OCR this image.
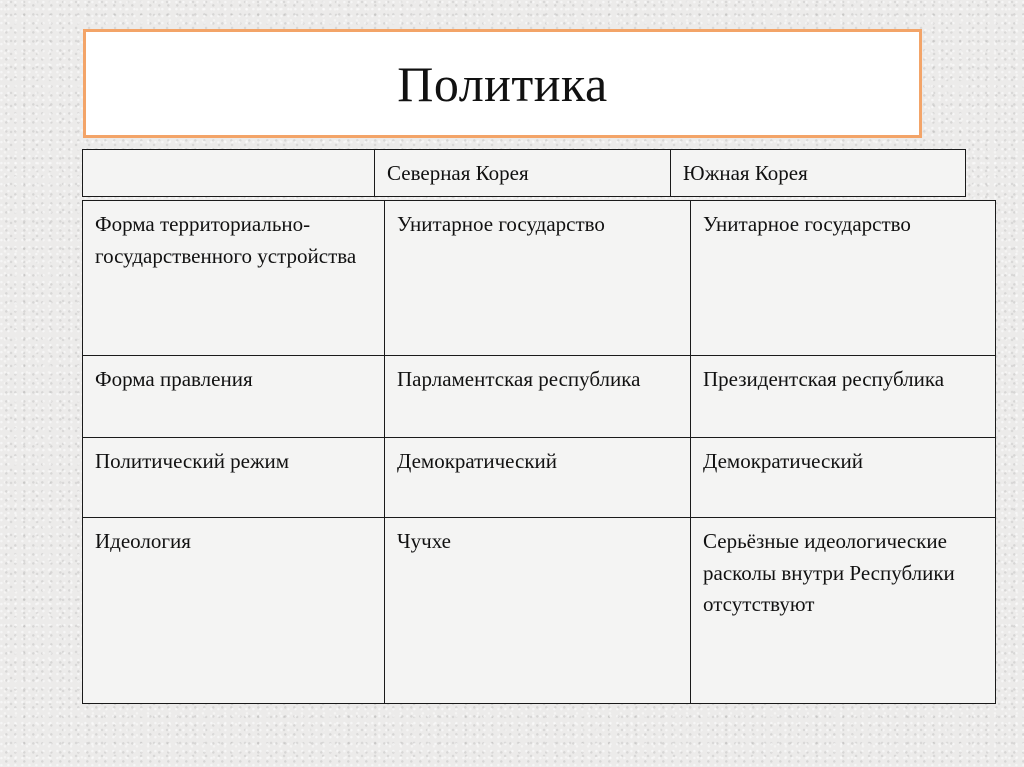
Политика
	Северная Корея	Южная Корея
Форма территориально-государственного устройства	Унитарное государство	Унитарное государство
Форма правления	Парламентская республика	Президентская республика
Политический режим	Демократический	Демократический
Идеология	Чучхе	Серьёзные идеологические расколы внутри Республики отсутствуют
